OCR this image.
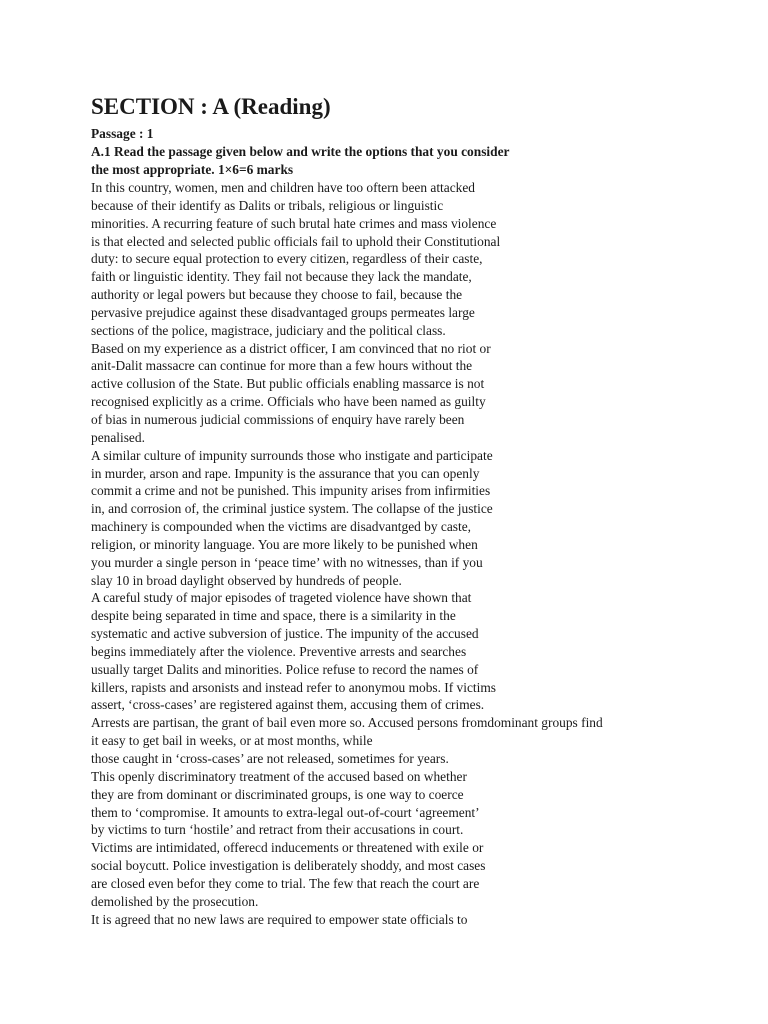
SECTION : A (Reading)
Passage : 1
A.1 Read the passage given below and write the options that you consider
the most appropriate. 1×6=6 marks
In this country, women, men and children have too oftern been attacked
because of their identify as Dalits or tribals, religious or linguistic
minorities. A recurring feature of such brutal hate crimes and mass violence
is that elected and selected public officials fail to uphold their Constitutional
duty: to secure equal protection to every citizen, regardless of their caste,
faith or linguistic identity. They fail not because they lack the mandate,
authority or legal powers but because they choose to fail, because the
pervasive prejudice against these disadvantaged groups permeates large
sections of the police, magistrace, judiciary and the political class.
Based on my experience as a district officer, I am convinced that no riot or
anit-Dalit massacre can continue for more than a few hours without the
active collusion of the State. But public officials enabling massarce is not
recognised explicitly as a crime. Officials who have been named as guilty
of bias in numerous judicial commissions of enquiry have rarely been
penalised.
A similar culture of impunity surrounds those who instigate and participate
in murder, arson and rape. Impunity is the assurance that you can openly
commit a crime and not be punished. This impunity arises from infirmities
in, and corrosion of, the criminal justice system. The collapse of the justice
machinery is compounded when the victims are disadvantged by caste,
religion, or minority language. You are more likely to be punished when
you murder a single person in ‘peace time’ with no witnesses, than if you
slay 10 in broad daylight observed by hundreds of people.
A careful study of major episodes of trageted violence have shown that
despite being separated in time and space, there is a similarity in the
systematic and active subversion of justice. The impunity of the accused
begins immediately after the violence. Preventive arrests and searches
usually target Dalits and minorities. Police refuse to record the names of
killers, rapists and arsonists and instead refer to anonymou mobs. If victims
assert, ‘cross-cases’ are registered against them, accusing them of crimes.
Arrests are partisan, the grant of bail even more so. Accused persons fromdominant groups find
it easy to get bail in weeks, or at most months, while
those caught in ‘cross-cases’ are not released, sometimes for years.
This openly discriminatory treatment of the accused based on whether
they are from dominant or discriminated groups, is one way to coerce
them to ‘compromise. It amounts to extra-legal out-of-court ‘agreement’
by victims to turn ‘hostile’ and retract from their accusations in court.
Victims are intimidated, offerecd inducements or threatened with exile or
social boycutt. Police investigation is deliberately shoddy, and most cases
are closed even befor they come to trial. The few that reach the court are
demolished by the prosecution.
It is agreed that no new laws are required to empower state officials to
